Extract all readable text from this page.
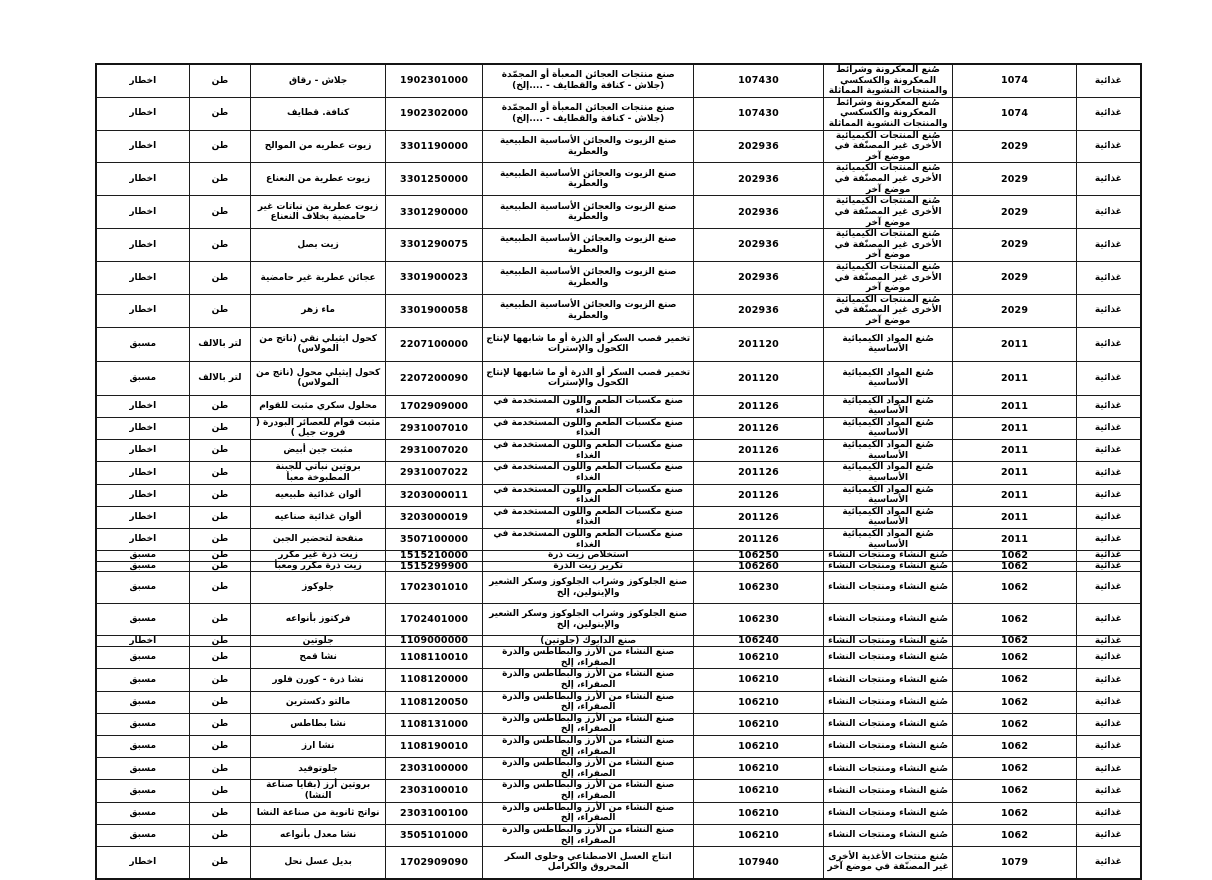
غذائية	1074	صُنع المعكرونة وشرائط المعكرونة والكسكسي والمنتجات النشوية المماثلة	107430	صنع منتجات العجائن المعبأة أو المجمّدة (جلاش - كنافة والقطايف - ....إلخ)	1902301000	جلاش - رقاق	طن	اخطار
غذائية	1074	صُنع المعكرونة وشرائط المعكرونة والكسكسي والمنتجات النشوية المماثلة	107430	صنع منتجات العجائن المعبأة أو المجمّدة (جلاش - كنافة والقطايف - ....إلخ)	1902302000	كنافة. قطايف	طن	اخطار
غذائية	2029	صُنع المنتجات الكيميائية الأخرى غير المصنّفة في موضع آخر	202936	صنع الزيوت والعجائن الأساسية الطبيعية والعطرية	3301190000	زيوت عطريه من الموالح	طن	اخطار
غذائية	2029	صُنع المنتجات الكيميائية الأخرى غير المصنّفة في موضع آخر	202936	صنع الزيوت والعجائن الأساسية الطبيعية والعطرية	3301250000	زيوت عطرية من النعناع	طن	اخطار
غذائية	2029	صُنع المنتجات الكيميائية الأخرى غير المصنّفة في موضع آخر	202936	صنع الزيوت والعجائن الأساسية الطبيعية والعطرية	3301290000	زيوت عطرية من نباتات غير حامضية بخلاف النعناع	طن	اخطار
غذائية	2029	صُنع المنتجات الكيميائية الأخرى غير المصنّفة في موضع آخر	202936	صنع الزيوت والعجائن الأساسية الطبيعية والعطرية	3301290075	زيت بصل	طن	اخطار
غذائية	2029	صُنع المنتجات الكيميائية الأخرى غير المصنّفة في موضع آخر	202936	صنع الزيوت والعجائن الأساسية الطبيعية والعطرية	3301900023	عجائن عطرية غير حامضية	طن	اخطار
غذائية	2029	صُنع المنتجات الكيميائية الأخرى غير المصنّفة في موضع آخر	202936	صنع الزيوت والعجائن الأساسية الطبيعية والعطرية	3301900058	ماء زهر	طن	اخطار
غذائية	2011	صُنع المواد الكيميائية الأساسية	201120	تخمير قصب السكر أو الذرة أو ما شابهها لإنتاج الكحول والإسترات	2207100000	كحول ايثيلي نقي (ناتج من المولاس)	لتر بالالف	مسبق
غذائية	2011	صُنع المواد الكيميائية الأساسية	201120	تخمير قصب السكر أو الذرة أو ما شابهها لإنتاج الكحول والإسترات	2207200090	كحول إيثيلي محول (ناتج من المولاس)	لتر بالالف	مسبق
غذائية	2011	صُنع المواد الكيميائية الأساسية	201126	صنع مكسبات الطعم واللون المستخدمة في الغذاء	1702909000	محلول سكري مثبت للقوام	طن	اخطار
غذائية	2011	صُنع المواد الكيميائية الأساسية	201126	صنع مكسبات الطعم واللون المستخدمة في الغذاء	2931007010	مثبت قوام للعصائر البودرة ( فروت جيل )	طن	اخطار
غذائية	2011	صُنع المواد الكيميائية الأساسية	201126	صنع مكسبات الطعم واللون المستخدمة في الغذاء	2931007020	مثبت جين أبيض	طن	اخطار
غذائية	2011	صُنع المواد الكيميائية الأساسية	201126	صنع مكسبات الطعم واللون المستخدمة في الغذاء	2931007022	بروتين نباتي للجبنة المطبوخة معبأ	طن	اخطار
غذائية	2011	صُنع المواد الكيميائية الأساسية	201126	صنع مكسبات الطعم واللون المستخدمة في الغذاء	3203000011	ألوان غذائية طبيعيه	طن	اخطار
غذائية	2011	صُنع المواد الكيميائية الأساسية	201126	صنع مكسبات الطعم واللون المستخدمة في الغذاء	3203000019	ألوان غذائية صناعيه	طن	اخطار
غذائية	2011	صُنع المواد الكيميائية الأساسية	201126	صنع مكسبات الطعم واللون المستخدمة في الغذاء	3507100000	منفحة لتحضير الجبن	طن	اخطار
غذائية	1062	صُنع النشاء ومنتجات النشاء	106250	استخلاص زيت ذرة	1515210000	زيت ذرة غير مكرر	طن	مسبق
غذائية	1062	صُنع النشاء ومنتجات النشاء	106260	تكرير زيت الذرة	1515299900	زيت ذرة مكرر ومعبأ	طن	مسبق
غذائية	1062	صُنع النشاء ومنتجات النشاء	106230	صنع الجلوكوز وشراب الجلوكوز وسكر الشعير والإينولين، إلخ	1702301010	جلوكوز	طن	مسبق
غذائية	1062	صُنع النشاء ومنتجات النشاء	106230	صنع الجلوكوز وشراب الجلوكوز وسكر الشعير والإينولين، إلخ	1702401000	فركتوز بأنواعه	طن	مسبق
غذائية	1062	صُنع النشاء ومنتجات النشاء	106240	صنع الدابوك (جلوتين)	1109000000	جلوتين	طن	اخطار
غذائية	1062	صُنع النشاء ومنتجات النشاء	106210	صنع النشاء من الأرز والبطاطس والذرة الصفراء، إلخ	1108110010	نشا قمح	طن	مسبق
غذائية	1062	صُنع النشاء ومنتجات النشاء	106210	صنع النشاء من الأرز والبطاطس والذرة الصفراء، إلخ	1108120000	نشا ذرة - كورن فلور	طن	مسبق
غذائية	1062	صُنع النشاء ومنتجات النشاء	106210	صنع النشاء من الأرز والبطاطس والذرة الصفراء، إلخ	1108120050	مالتو دكسترين	طن	مسبق
غذائية	1062	صُنع النشاء ومنتجات النشاء	106210	صنع النشاء من الأرز والبطاطس والذرة الصفراء، إلخ	1108131000	نشا بطاطس	طن	مسبق
غذائية	1062	صُنع النشاء ومنتجات النشاء	106210	صنع النشاء من الأرز والبطاطس والذرة الصفراء، إلخ	1108190010	نشا ارز	طن	مسبق
غذائية	1062	صُنع النشاء ومنتجات النشاء	106210	صنع النشاء من الأرز والبطاطس والذرة الصفراء، إلخ	2303100000	جلوتوفيد	طن	مسبق
غذائية	1062	صُنع النشاء ومنتجات النشاء	106210	صنع النشاء من الأرز والبطاطس والذرة الصفراء، إلخ	2303100010	بروتين أرز (بقايا صناعة النشا)	طن	مسبق
غذائية	1062	صُنع النشاء ومنتجات النشاء	106210	صنع النشاء من الأرز والبطاطس والذرة الصفراء، إلخ	2303100100	نواتج ثانوية من صناعة النشا	طن	مسبق
غذائية	1062	صُنع النشاء ومنتجات النشاء	106210	صنع النشاء من الأرز والبطاطس والذرة الصفراء، إلخ	3505101000	نشا معدل بأنواعه	طن	مسبق
غذائية	1079	صُنع منتجات الأغذية الأخرى غير المصنّفة في موضع آخر	107940	انتاج العسل الاصطناعي وحلوى السكر المحروق والكرامل	1702909090	بديل عسل نحل	طن	اخطار
